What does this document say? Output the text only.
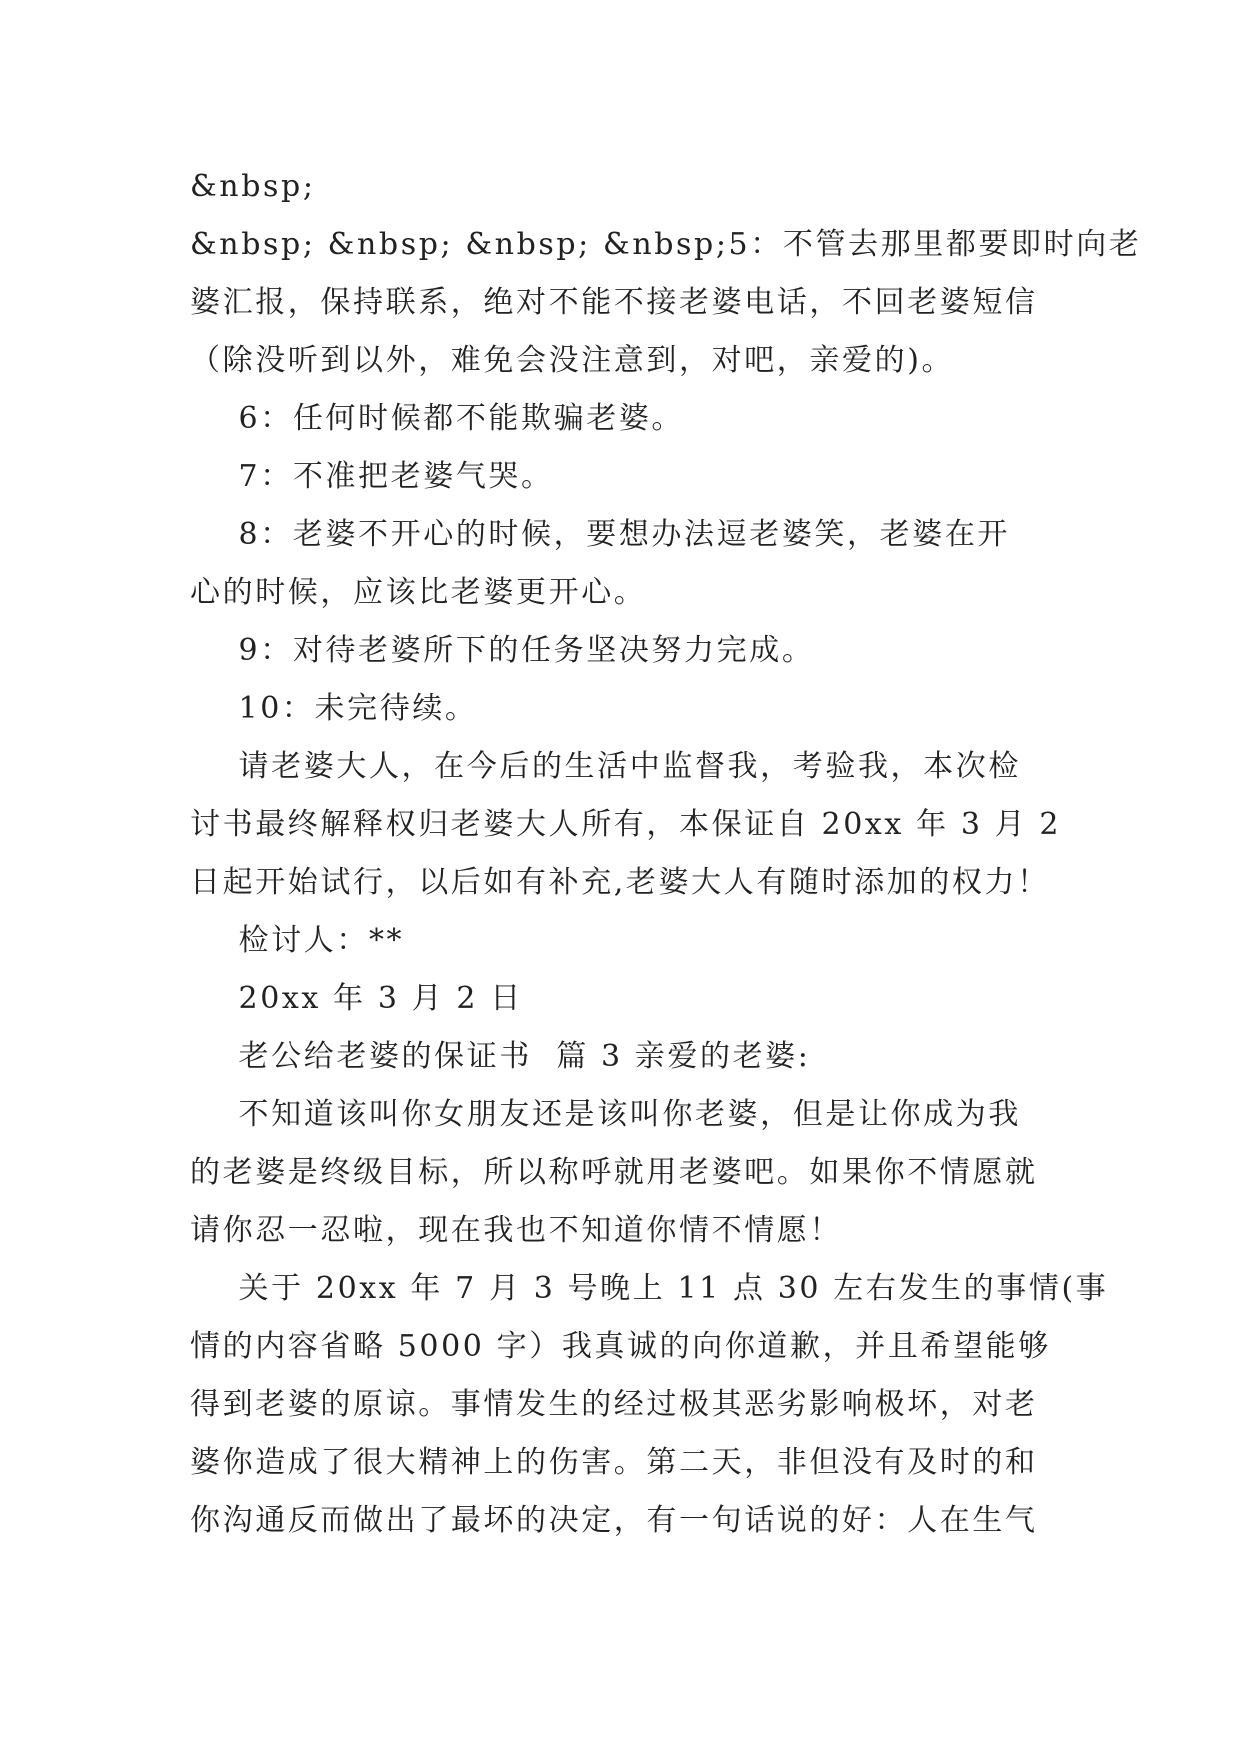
&nbsp;
&nbsp; &nbsp; &nbsp; &nbsp;5：不管去那里都要即时向老
婆汇报，保持联系，绝对不能不接老婆电话，不回老婆短信
（除没听到以外，难免会没注意到，对吧，亲爱的)。
6：任何时候都不能欺骗老婆。
7：不准把老婆气哭。
8：老婆不开心的时候，要想办法逗老婆笑，老婆在开
心的时候，应该比老婆更开心。
9：对待老婆所下的任务坚决努力完成。
10：未完待续。
请老婆大人，在今后的生活中监督我，考验我，本次检
讨书最终解释权归老婆大人所有，本保证自 20xx 年 3 月 2
日起开始试行，以后如有补充,老婆大人有随时添加的权力！
检讨人：**
20xx 年 3 月 2 日
老公给老婆的保证书  篇 3 亲爱的老婆:
不知道该叫你女朋友还是该叫你老婆，但是让你成为我
的老婆是终级目标，所以称呼就用老婆吧。如果你不情愿就
请你忍一忍啦，现在我也不知道你情不情愿！
关于 20xx 年 7 月 3 号晚上 11 点 30 左右发生的事情(事
情的内容省略 5000 字）我真诚的向你道歉，并且希望能够
得到老婆的原谅。事情发生的经过极其恶劣影响极坏，对老
婆你造成了很大精神上的伤害。第二天，非但没有及时的和
你沟通反而做出了最坏的决定，有一句话说的好：人在生气
